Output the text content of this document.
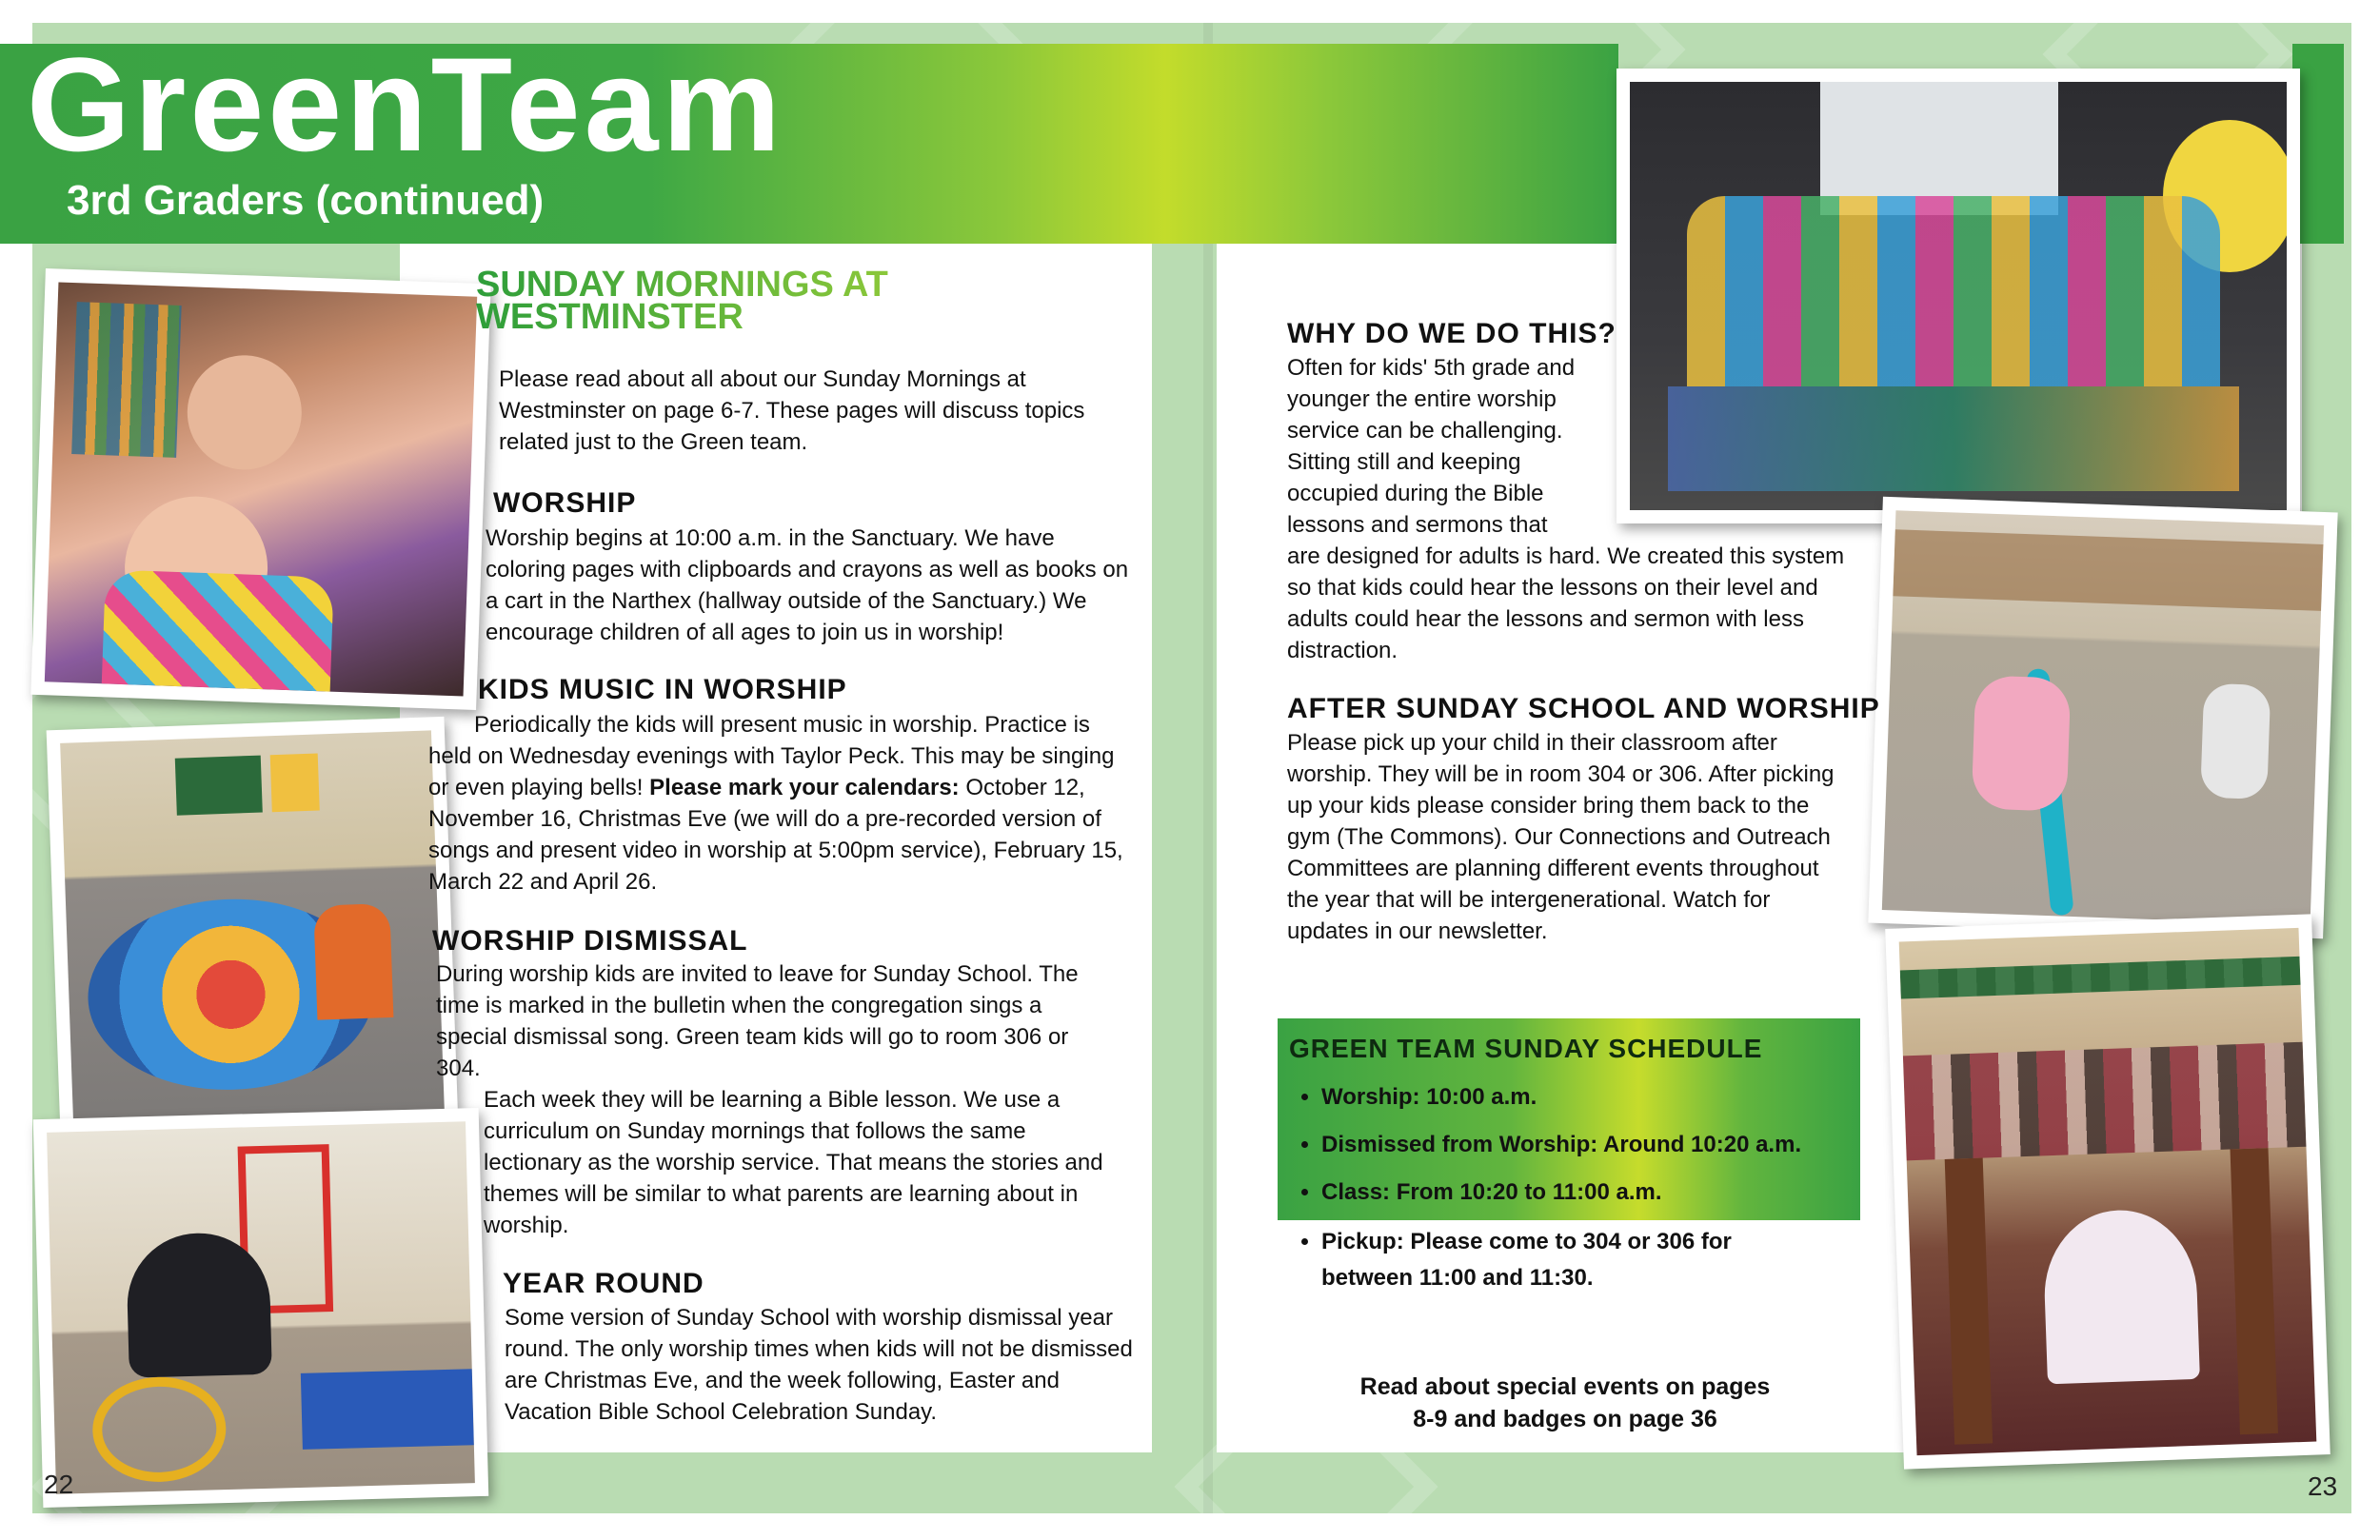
GreenTeam
3rd Graders (continued)
SUNDAY MORNINGS AT WESTMINSTER
Please read about all about our Sunday Mornings at Westminster on page 6-7. These pages will discuss topics related just to the Green team.
WORSHIP
Worship begins at 10:00 a.m. in the Sanctuary. We have coloring pages with clipboards and crayons as well as books on a cart in the Narthex (hallway outside of the Sanctuary.) We encourage children of all ages to join us in worship!
KIDS MUSIC IN WORSHIP
Periodically the kids will present music in worship. Practice is held on Wednesday evenings with Taylor Peck. This may be singing or even playing bells! Please mark your calendars: October 12, November 16, Christmas Eve (we will do a pre-recorded version of songs and present video in worship at 5:00pm service), February 15, March 22 and April 26.
WORSHIP DISMISSAL
During worship kids are invited to leave for Sunday School. The time is marked in the bulletin when the congregation sings a special dismissal song. Green team kids will go to room 306 or 304.
Each week they will be learning a Bible lesson. We use a curriculum on Sunday mornings that follows the same lectionary as the worship service. That means the stories and themes will be similar to what parents are learning about in worship.
YEAR ROUND
Some version of Sunday School with worship dismissal year round. The only worship times when kids will not be dismissed are Christmas Eve, and the week following, Easter and Vacation Bible School Celebration Sunday.
22
WHY DO WE DO THIS?
Often for kids' 5th grade and younger the entire worship service can be challenging. Sitting still and keeping occupied during the Bible lessons and sermons that
are designed for adults is hard. We created this system so that kids could hear the lessons on their level and adults could hear the lessons and sermon with less distraction.
AFTER SUNDAY SCHOOL AND WORSHIP
Please pick up your child in their classroom after worship. They will be in room 304 or 306. After picking up your kids please consider bring them back to the gym (The Commons). Our Connections and Outreach Committees are planning different events throughout the year that will be intergenerational. Watch for updates in our newsletter.
GREEN TEAM SUNDAY SCHEDULE
• Worship: 10:00 a.m.
• Dismissed from Worship: Around 10:20 a.m.
• Class: From 10:20 to 11:00 a.m.
• Pickup: Please come to 304 or 306 for between 11:00 and 11:30.
Read about special events on pages 8-9 and badges on page 36
23
